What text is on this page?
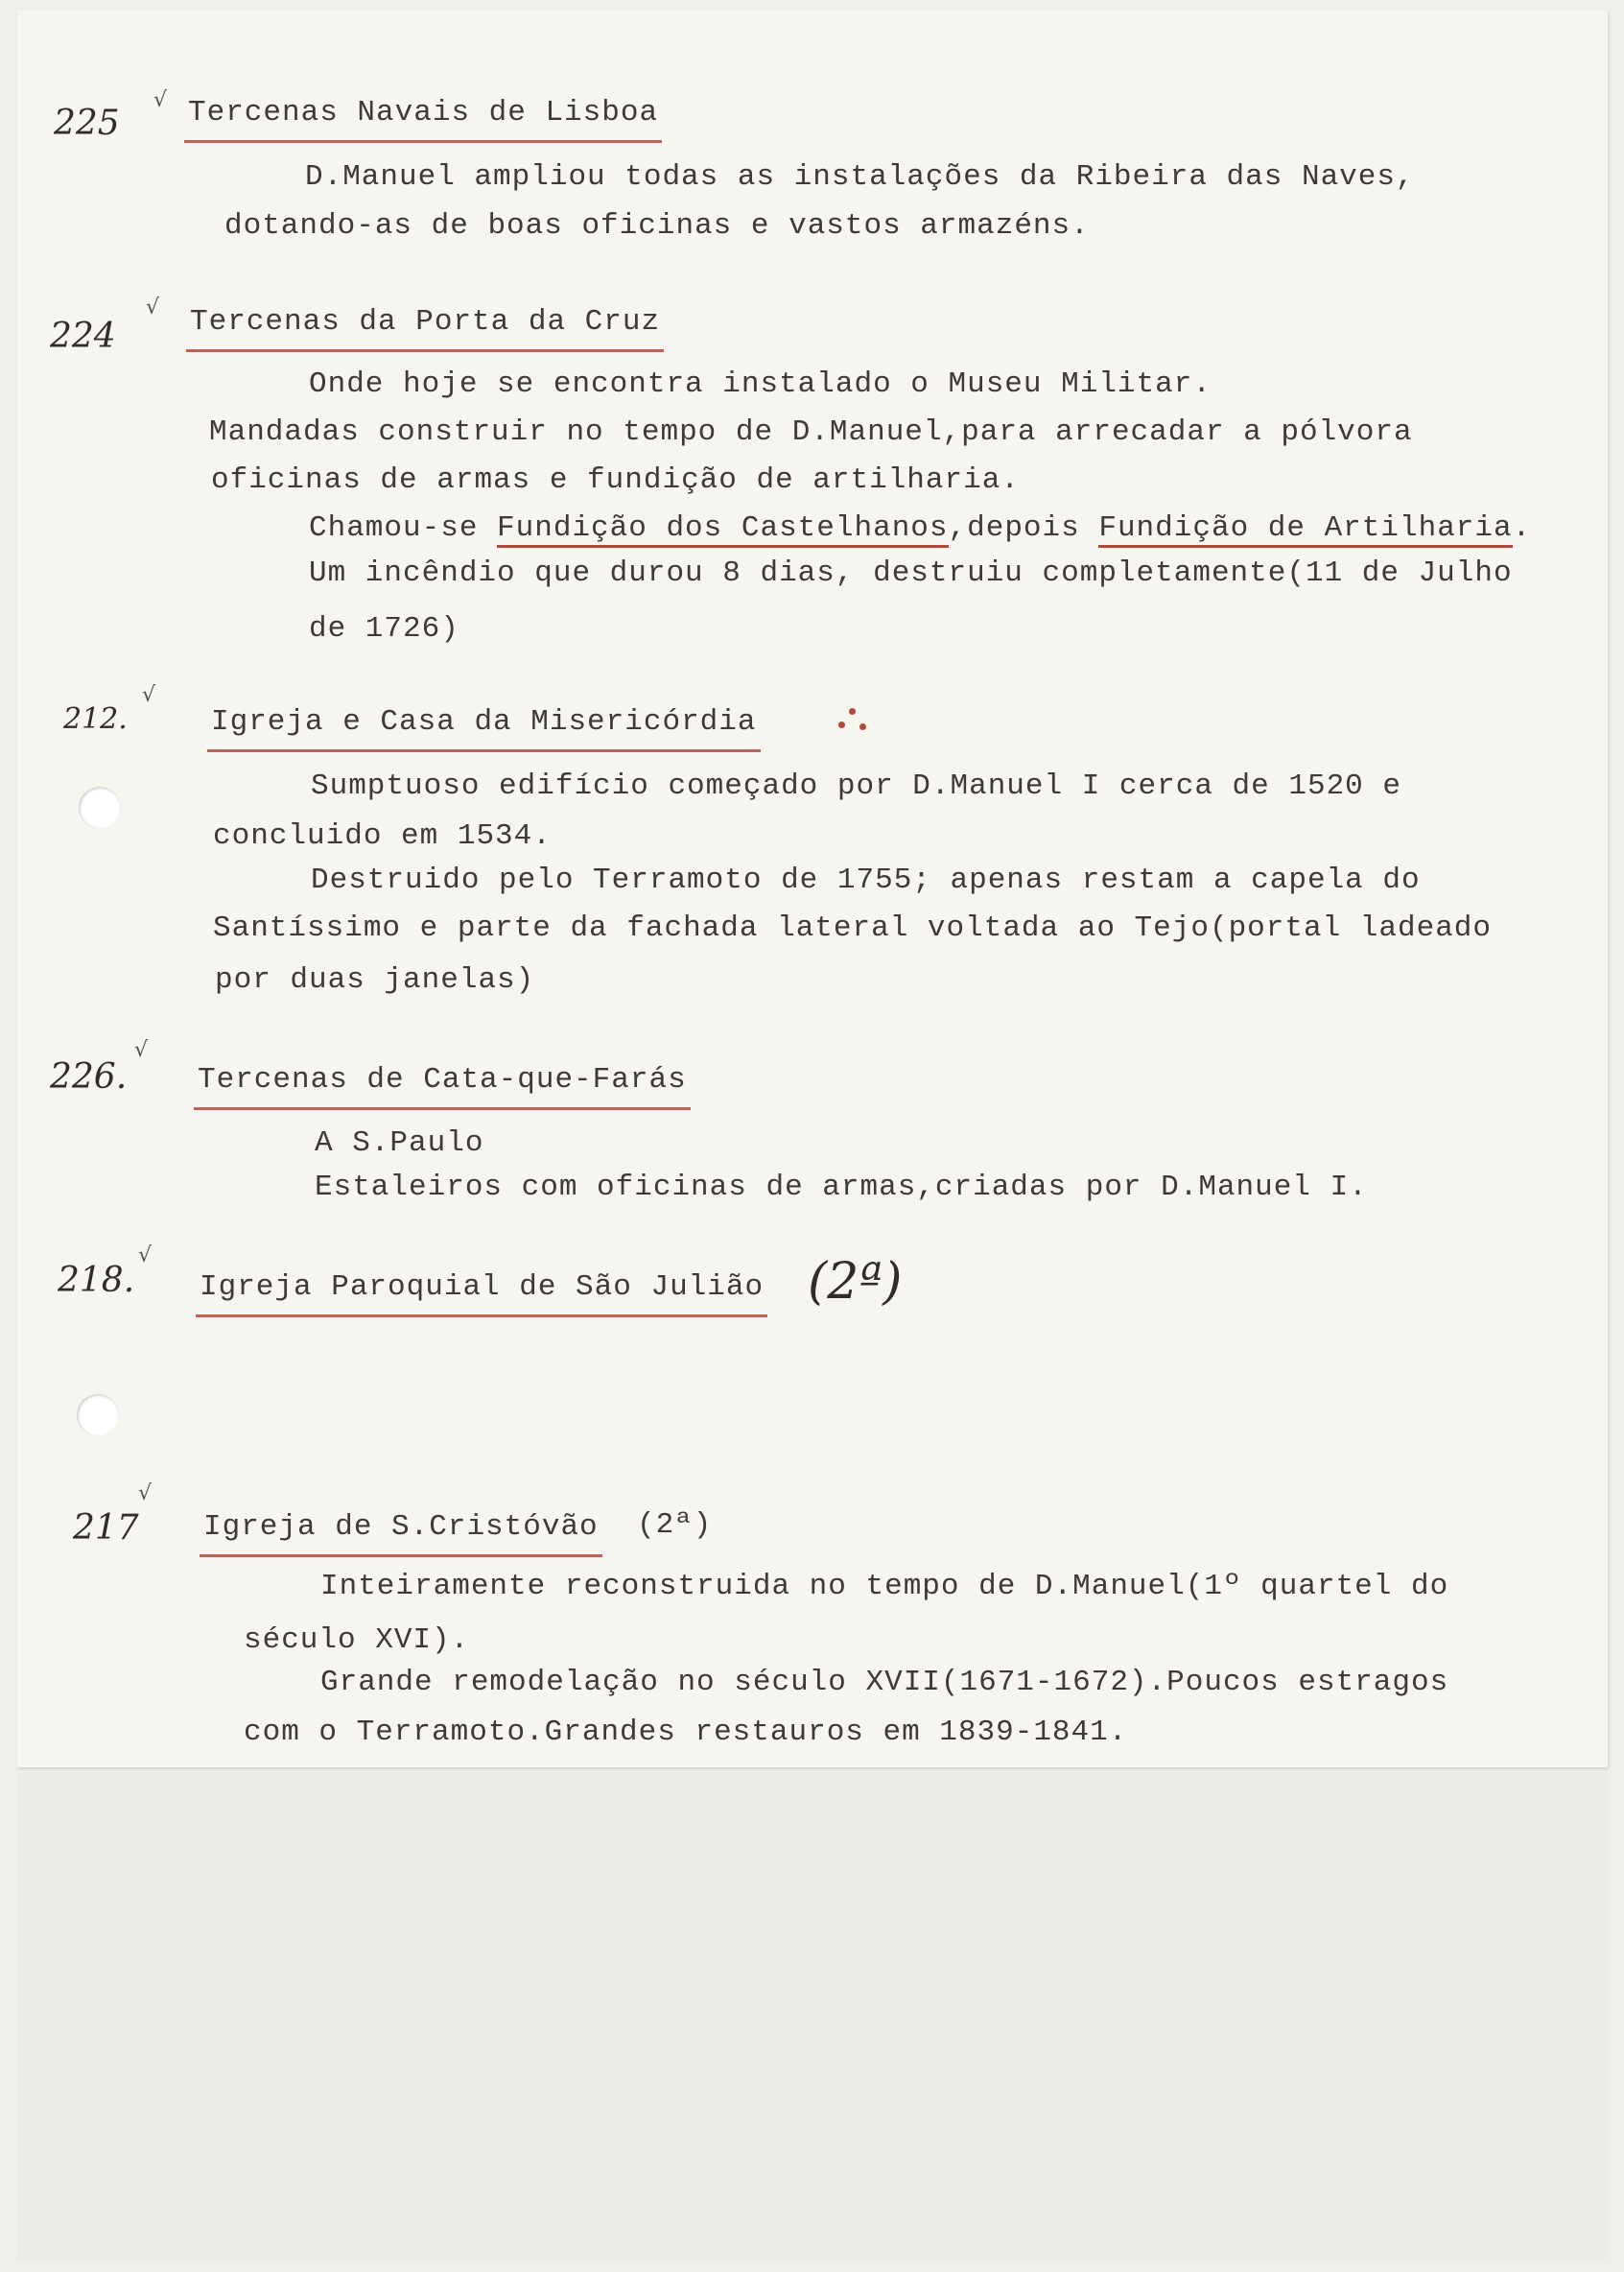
225
√ Tercenas Navais de Lisboa
D.Manuel ampliou todas as instalações da Ribeira das Naves,
dotando-as de boas oficinas e vastos armazéns.
224
√ Tercenas da Porta da Cruz
Onde hoje se encontra instalado o Museu Militar.
Mandadas construir no tempo de D.Manuel,para arrecadar a pólvora
oficinas de armas e fundição de artilharia.
Chamou-se Fundição dos Castelhanos,depois Fundição de Artilharia.
Um incêndio que durou 8 dias, destruiu completamente(11 de Julho
de 1726)
212.
√
Igreja e Casa da Misericórdia
Sumptuoso edifício começado por D.Manuel I cerca de 1520 e
concluido em 1534.
Destruido pelo Terramoto de 1755; apenas restam a capela do
Santíssimo e parte da fachada lateral voltada ao Tejo(portal ladeado
por duas janelas)
226.
√
Tercenas de Cata-que-Farás
A S.Paulo
Estaleiros com oficinas de armas,criadas por D.Manuel I.
218.
√
Igreja Paroquial de São Julião (2ª)
217
√
Igreja de S.Cristóvão (2ª)
Inteiramente reconstruida no tempo de D.Manuel(1º quartel do
século XVI).
Grande remodelação no século XVII(1671-1672).Poucos estragos
com o Terramoto.Grandes restauros em 1839-1841.
